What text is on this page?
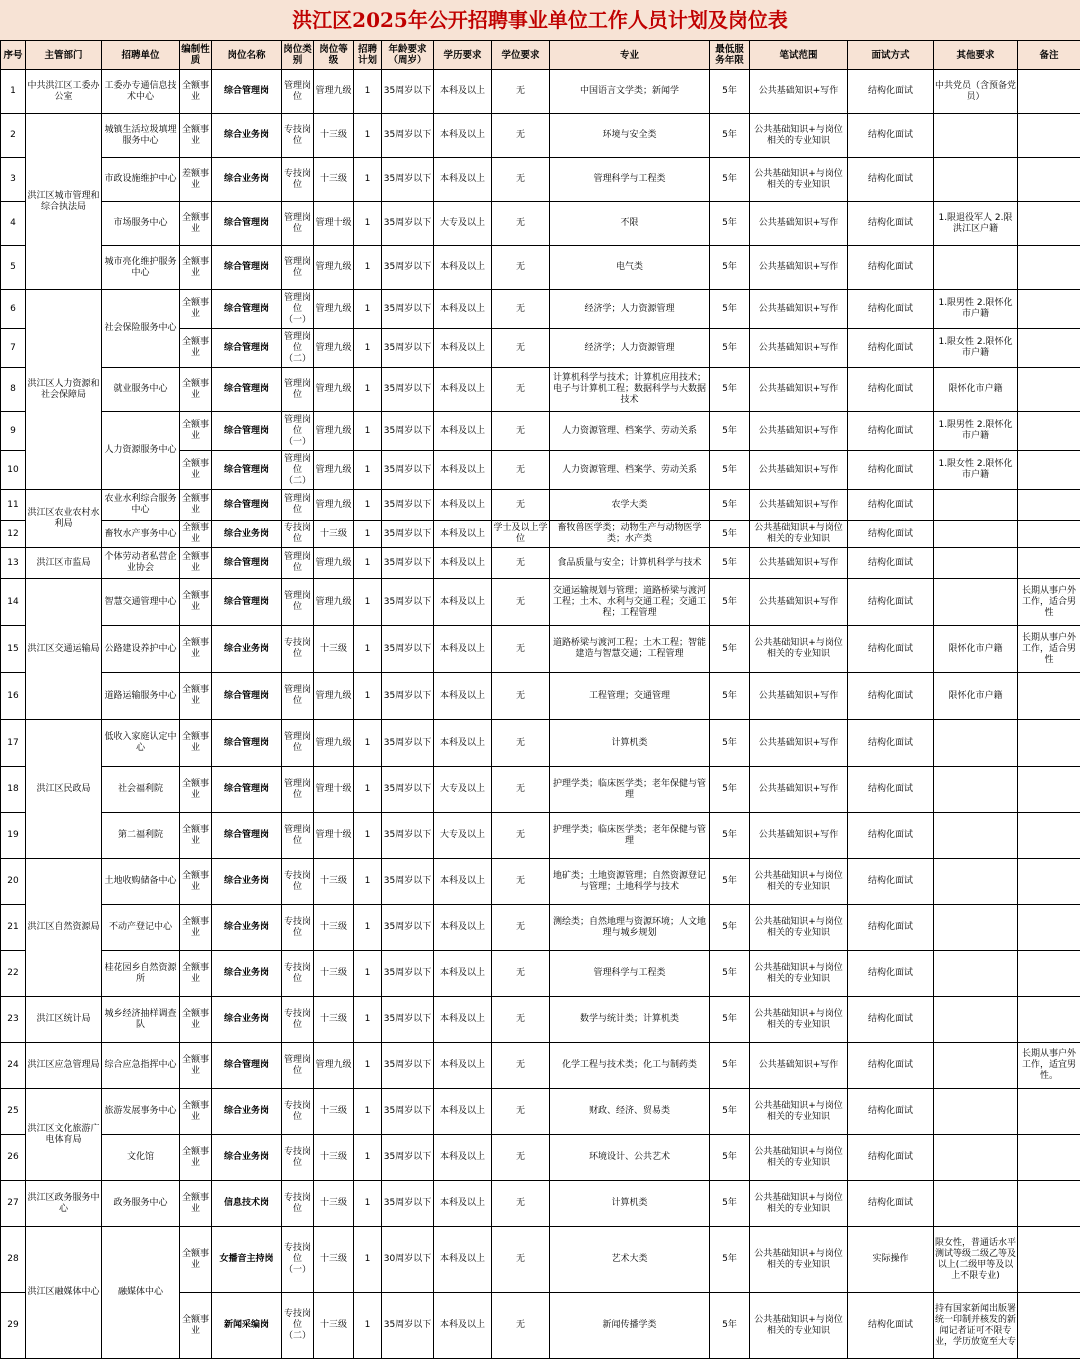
洪江区2025年公开招聘事业单位工作人员计划及岗位表
序号	主管部门	招聘单位	编制性质	岗位名称	岗位类别	岗位等级	招聘计划	年龄要求（周岁）	学历要求	学位要求	专业	最低服务年限	笔试范围	面试方式	其他要求	备注
1	中共洪江区工委办公室	工委办专通信息技术中心	全额事业	综合管理岗	管理岗位	管理九级	1	35周岁以下	本科及以上	无	中国语言文学类；新闻学	5年	公共基础知识+写作	结构化面试	中共党员（含预备党员）	
2	洪江区城市管理和综合执法局	城镇生活垃圾填埋服务中心	全额事业	综合业务岗	专技岗位	十三级	1	35周岁以下	本科及以上	无	环境与安全类	5年	公共基础知识+与岗位相关的专业知识	结构化面试		
3		市政设施维护中心	差额事业	综合业务岗	专技岗位	十三级	1	35周岁以下	本科及以上	无	管理科学与工程类	5年	公共基础知识+与岗位相关的专业知识	结构化面试		
4		市场服务中心	全额事业	综合管理岗	管理岗位	管理十级	1	35周岁以下	大专及以上	无	不限	5年	公共基础知识+写作	结构化面试	1.限退役军人 2.限洪江区户籍	
5		城市亮化维护服务中心	全额事业	综合管理岗	管理岗位	管理九级	1	35周岁以下	本科及以上	无	电气类	5年	公共基础知识+写作	结构化面试		
6	洪江区人力资源和社会保障局	社会保险服务中心	全额事业	综合管理岗	管理岗位（一）	管理九级	1	35周岁以下	本科及以上	无	经济学；人力资源管理	5年	公共基础知识+写作	结构化面试	1.限男性 2.限怀化市户籍	
7			全额事业	综合管理岗	管理岗位（二）	管理九级	1	35周岁以下	本科及以上	无	经济学；人力资源管理	5年	公共基础知识+写作	结构化面试	1.限女性 2.限怀化市户籍	
8		就业服务中心	全额事业	综合管理岗	管理岗位	管理九级	1	35周岁以下	本科及以上	无	计算机科学与技术；计算机应用技术；电子与计算机工程；数据科学与大数据技术	5年	公共基础知识+写作	结构化面试	限怀化市户籍	
9		人力资源服务中心	全额事业	综合管理岗	管理岗位（一）	管理九级	1	35周岁以下	本科及以上	无	人力资源管理、档案学、劳动关系	5年	公共基础知识+写作	结构化面试	1.限男性 2.限怀化市户籍	
10			全额事业	综合管理岗	管理岗位（二）	管理九级	1	35周岁以下	本科及以上	无	人力资源管理、档案学、劳动关系	5年	公共基础知识+写作	结构化面试	1.限女性 2.限怀化市户籍	
11	洪江区农业农村水利局	农业水利综合服务中心	全额事业	综合管理岗	管理岗位	管理九级	1	35周岁以下	本科及以上	无	农学大类	5年	公共基础知识+写作	结构化面试		
12		畜牧水产事务中心	全额事业	综合业务岗	专技岗位	十三级	1	35周岁以下	本科及以上	学士及以上学位	畜牧兽医学类；动物生产与动物医学类；水产类	5年	公共基础知识+与岗位相关的专业知识	结构化面试		
13	洪江区市监局	个体劳动者私营企业协会	全额事业	综合管理岗	管理岗位	管理九级	1	35周岁以下	本科及以上	无	食品质量与安全；计算机科学与技术	5年	公共基础知识+写作	结构化面试		
14	洪江区交通运输局	智慧交通管理中心	全额事业	综合管理岗	管理岗位	管理九级	1	35周岁以下	本科及以上	无	交通运输规划与管理；道路桥梁与渡河工程；土木、水利与交通工程；交通工程；工程管理	5年	公共基础知识+写作	结构化面试		长期从事户外工作，适合男性
15		公路建设养护中心	全额事业	综合业务岗	专技岗位	十三级	1	35周岁以下	本科及以上	无	道路桥梁与渡河工程；土木工程；智能建造与智慧交通；工程管理	5年	公共基础知识+与岗位相关的专业知识	结构化面试	限怀化市户籍	长期从事户外工作，适合男性
16		道路运输服务中心	全额事业	综合管理岗	管理岗位	管理九级	1	35周岁以下	本科及以上	无	工程管理；交通管理	5年	公共基础知识+写作	结构化面试	限怀化市户籍	
17	洪江区民政局	低收入家庭认定中心	全额事业	综合管理岗	管理岗位	管理九级	1	35周岁以下	本科及以上	无	计算机类	5年	公共基础知识+写作	结构化面试		
18		社会福利院	全额事业	综合管理岗	管理岗位	管理十级	1	35周岁以下	大专及以上	无	护理学类；临床医学类；老年保健与管理	5年	公共基础知识+写作	结构化面试		
19		第二福利院	全额事业	综合管理岗	管理岗位	管理十级	1	35周岁以下	大专及以上	无	护理学类；临床医学类；老年保健与管理	5年	公共基础知识+写作	结构化面试		
20	洪江区自然资源局	土地收购储备中心	全额事业	综合业务岗	专技岗位	十三级	1	35周岁以下	本科及以上	无	地矿类；土地资源管理；自然资源登记与管理；土地科学与技术	5年	公共基础知识+与岗位相关的专业知识	结构化面试		
21		不动产登记中心	全额事业	综合业务岗	专技岗位	十三级	1	35周岁以下	本科及以上	无	测绘类；自然地理与资源环境；人文地理与城乡规划	5年	公共基础知识+与岗位相关的专业知识	结构化面试		
22		桂花园乡自然资源所	全额事业	综合业务岗	专技岗位	十三级	1	35周岁以下	本科及以上	无	管理科学与工程类	5年	公共基础知识+与岗位相关的专业知识	结构化面试		
23	洪江区统计局	城乡经济抽样调查队	全额事业	综合业务岗	专技岗位	十三级	1	35周岁以下	本科及以上	无	数学与统计类；计算机类	5年	公共基础知识+与岗位相关的专业知识	结构化面试		
24	洪江区应急管理局	综合应急指挥中心	全额事业	综合管理岗	管理岗位	管理九级	1	35周岁以下	本科及以上	无	化学工程与技术类；化工与制药类	5年	公共基础知识+写作	结构化面试		长期从事户外工作，适宜男性。
25	洪江区文化旅游广电体育局	旅游发展事务中心	全额事业	综合业务岗	专技岗位	十三级	1	35周岁以下	本科及以上	无	财政、经济、贸易类	5年	公共基础知识+与岗位相关的专业知识	结构化面试		
26		文化馆	全额事业	综合业务岗	专技岗位	十三级	1	35周岁以下	本科及以上	无	环境设计、公共艺术	5年	公共基础知识+与岗位相关的专业知识	结构化面试		
27	洪江区政务服务中心	政务服务中心	全额事业	信息技术岗	专技岗位	十三级	1	35周岁以下	本科及以上	无	计算机类	5年	公共基础知识+与岗位相关的专业知识	结构化面试		
28	洪江区融媒体中心	融媒体中心	全额事业	女播音主持岗	专技岗位（一）	十三级	1	30周岁以下	本科及以上	无	艺术大类	5年	公共基础知识+与岗位相关的专业知识	实际操作	限女性，普通话水平测试等级二级乙等及以上(二级甲等及以上不限专业)	
29			全额事业	新闻采编岗	专技岗位（二）	十三级	1	35周岁以下	本科及以上	无	新闻传播学类	5年	公共基础知识+与岗位相关的专业知识	结构化面试	持有国家新闻出版署统一印制并核发的新闻记者证可不限专业，学历放宽至大专	
